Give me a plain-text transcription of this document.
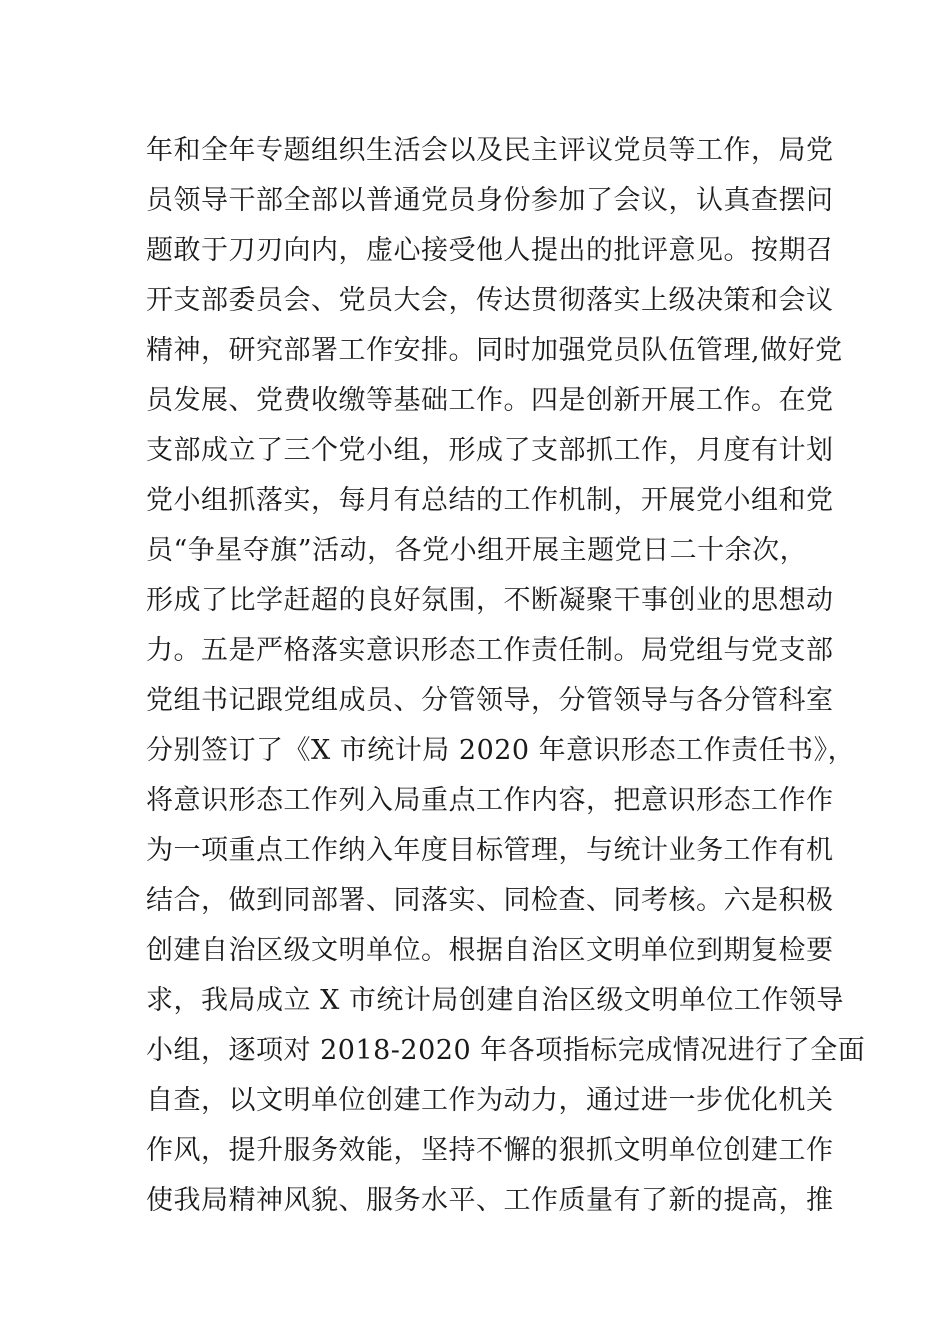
年和全年专题组织生活会以及民主评议党员等工作，局党
员领导干部全部以普通党员身份参加了会议，认真查摆问
题敢于刀刃向内，虚心接受他人提出的批评意见。按期召
开支部委员会、党员大会，传达贯彻落实上级决策和会议
精神，研究部署工作安排。同时加强党员队伍管理,做好党
员发展、党费收缴等基础工作。四是创新开展工作。在党
支部成立了三个党小组，形成了支部抓工作，月度有计划
党小组抓落实，每月有总结的工作机制，开展党小组和党
员“争星夺旗”活动，各党小组开展主题党日二十余次，
形成了比学赶超的良好氛围，不断凝聚干事创业的思想动
力。五是严格落实意识形态工作责任制。局党组与党支部
党组书记跟党组成员、分管领导，分管领导与各分管科室
分别签订了《X 市统计局 2020 年意识形态工作责任书》，
将意识形态工作列入局重点工作内容，把意识形态工作作
为一项重点工作纳入年度目标管理，与统计业务工作有机
结合，做到同部署、同落实、同检查、同考核。六是积极
创建自治区级文明单位。根据自治区文明单位到期复检要
求，我局成立 X 市统计局创建自治区级文明单位工作领导
小组，逐项对 2018-2020 年各项指标完成情况进行了全面
自查，以文明单位创建工作为动力，通过进一步优化机关
作风，提升服务效能，坚持不懈的狠抓文明单位创建工作
使我局精神风貌、服务水平、工作质量有了新的提高，推
